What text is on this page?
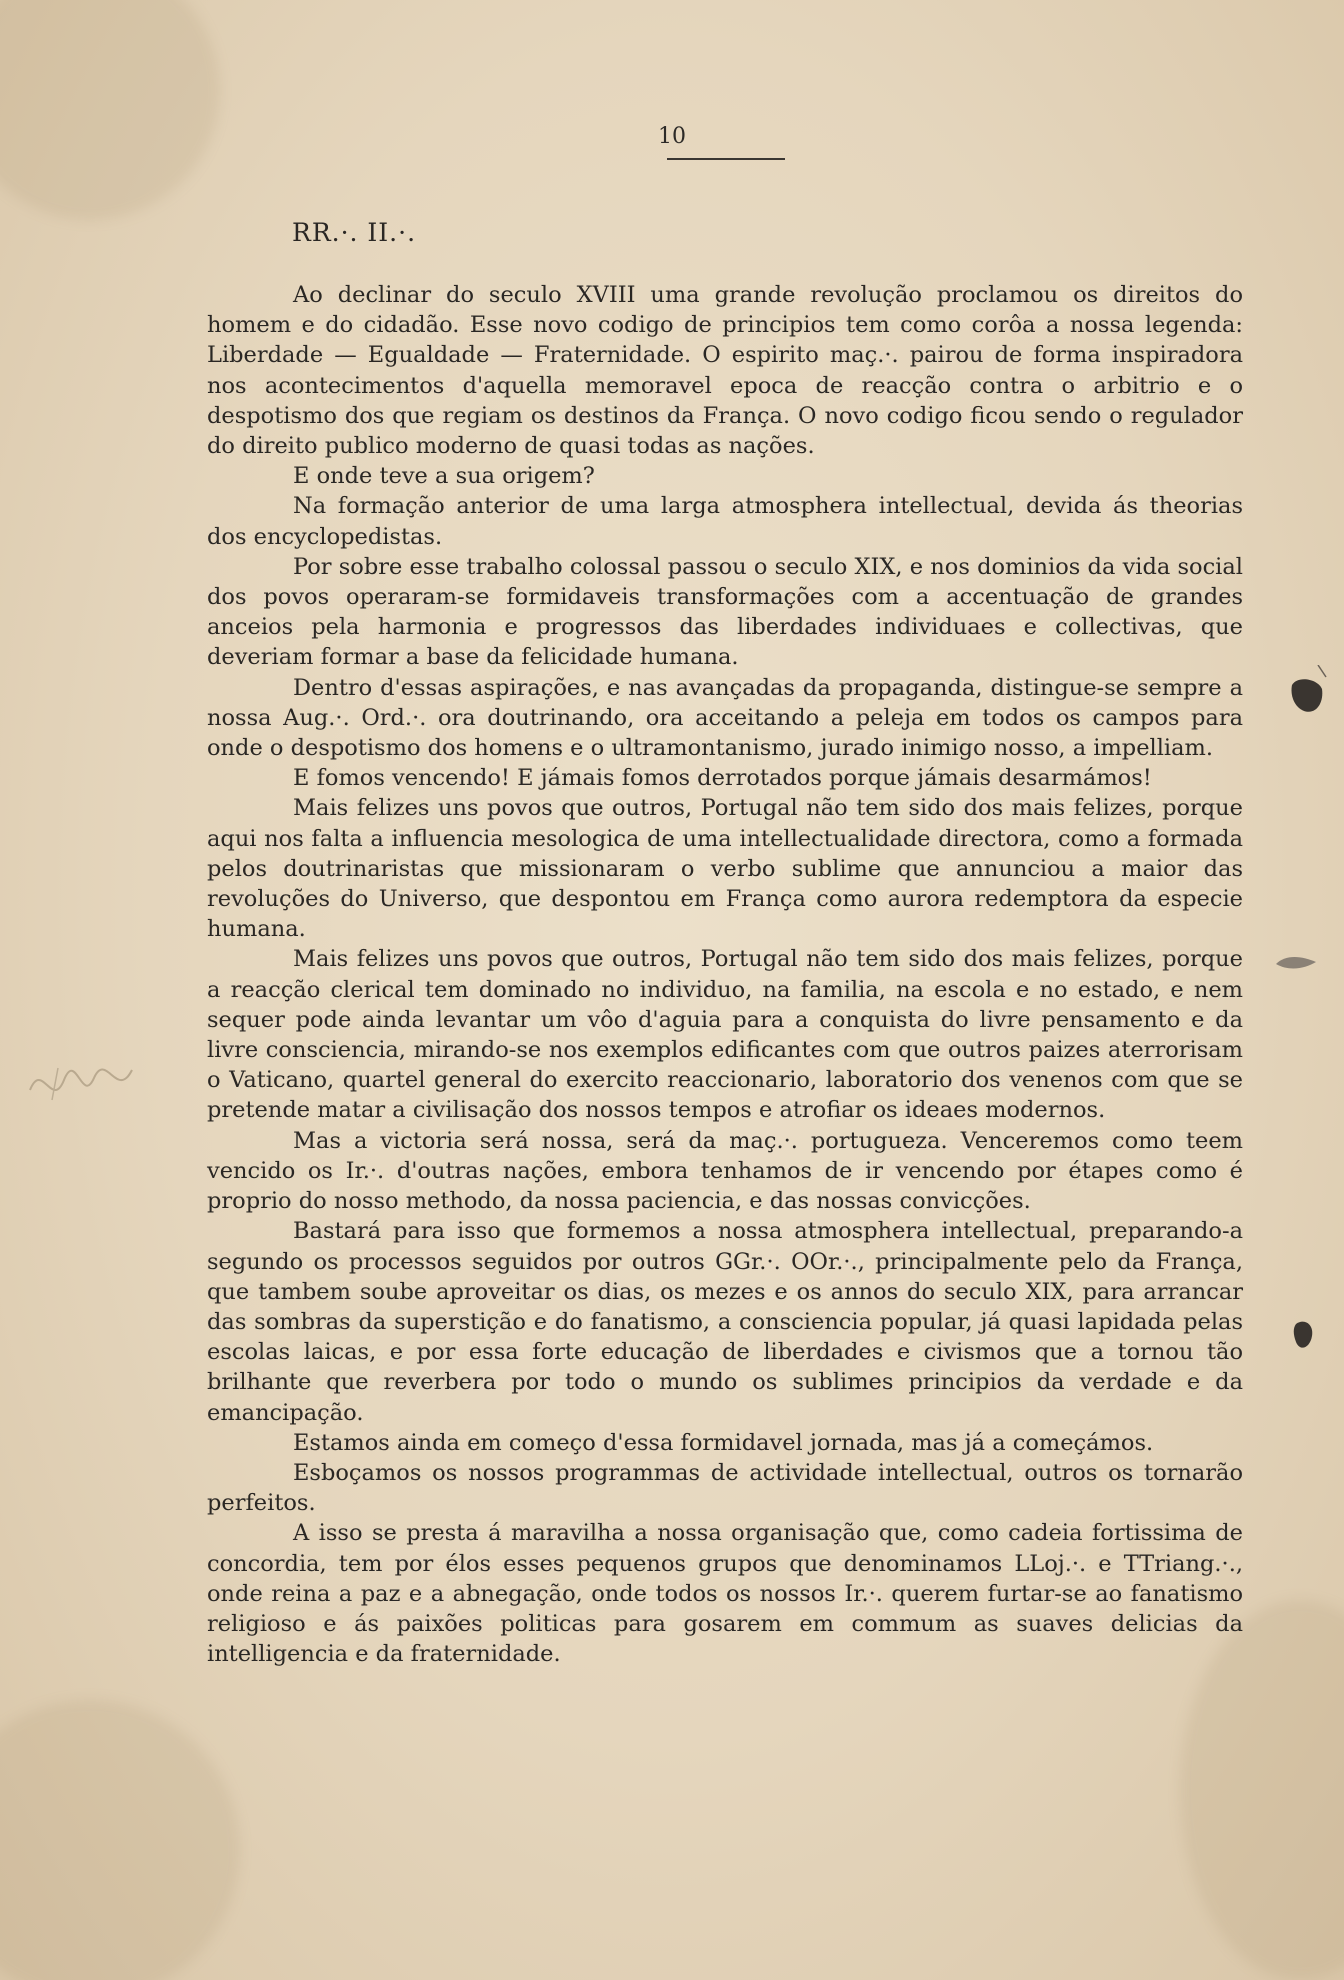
10
RR.·. II.·.

Ao declinar do seculo XVIII uma grande revolução proclamou os direitos do homem e do cidadão. Esse novo codigo de principios tem como corôa a nossa legenda: Liberdade — Egualdade — Fraternidade. O espirito maç.·. pairou de forma inspiradora nos acontecimentos d'aquella memoravel epoca de reacção contra o arbitrio e o despotismo dos que regiam os destinos da França. O novo codigo ficou sendo o regulador do direito publico moderno de quasi todas as nações.

E onde teve a sua origem?

Na formação anterior de uma larga atmosphera intellectual, devida ás theorias dos encyclopedistas.

Por sobre esse trabalho colossal passou o seculo XIX, e nos dominios da vida social dos povos operaram-se formidaveis transformações com a accentuação de grandes anceios pela harmonia e progressos das liberdades individuaes e collectivas, que deveriam formar a base da felicidade humana.

Dentro d'essas aspirações, e nas avançadas da propaganda, distingue-se sempre a nossa Aug.·. Ord.·. ora doutrinando, ora acceitando a peleja em todos os campos para onde o despotismo dos homens e o ultramontanismo, jurado inimigo nosso, a impelliam.

E fomos vencendo! E jámais fomos derrotados porque jámais desarmámos!

Mais felizes uns povos que outros, Portugal não tem sido dos mais felizes, porque aqui nos falta a influencia mesologica de uma intellectualidade directora, como a formada pelos doutrinaristas que missionaram o verbo sublime que annunciou a maior das revoluções do Universo, que despontou em França como aurora redemptora da especie humana.

Mais felizes uns povos que outros, Portugal não tem sido dos mais felizes, porque a reacção clerical tem dominado no individuo, na familia, na escola e no estado, e nem sequer pode ainda levantar um vôo d'aguia para a conquista do livre pensamento e da livre consciencia, mirando-se nos exemplos edificantes com que outros paizes aterrorisam o Vaticano, quartel general do exercito reaccionario, laboratorio dos venenos com que se pretende matar a civilisação dos nossos tempos e atrofiar os ideaes modernos.

Mas a victoria será nossa, será da maç.·. portugueza. Venceremos como teem vencido os Ir.·. d'outras nações, embora tenhamos de ir vencendo por étapes como é proprio do nosso methodo, da nossa paciencia, e das nossas convicções.

Bastará para isso que formemos a nossa atmosphera intellectual, preparando-a segundo os processos seguidos por outros GGr.·. OOr.·., principalmente pelo da França, que tambem soube aproveitar os dias, os mezes e os annos do seculo XIX, para arrancar das sombras da superstição e do fanatismo, a consciencia popular, já quasi lapidada pelas escolas laicas, e por essa forte educação de liberdades e civismos que a tornou tão brilhante que reverbera por todo o mundo os sublimes principios da verdade e da emancipação.

Estamos ainda em começo d'essa formidavel jornada, mas já a começámos.

Esboçamos os nossos programmas de actividade intellectual, outros os tornarão perfeitos.

A isso se presta á maravilha a nossa organisação que, como cadeia fortissima de concordia, tem por élos esses pequenos grupos que denominamos LLoj.·. e TTriang.·., onde reina a paz e a abnegação, onde todos os nossos Ir.·. querem furtar-se ao fanatismo religioso e ás paixões politicas para gosarem em commum as suaves delicias da intelligencia e da fraternidade.
